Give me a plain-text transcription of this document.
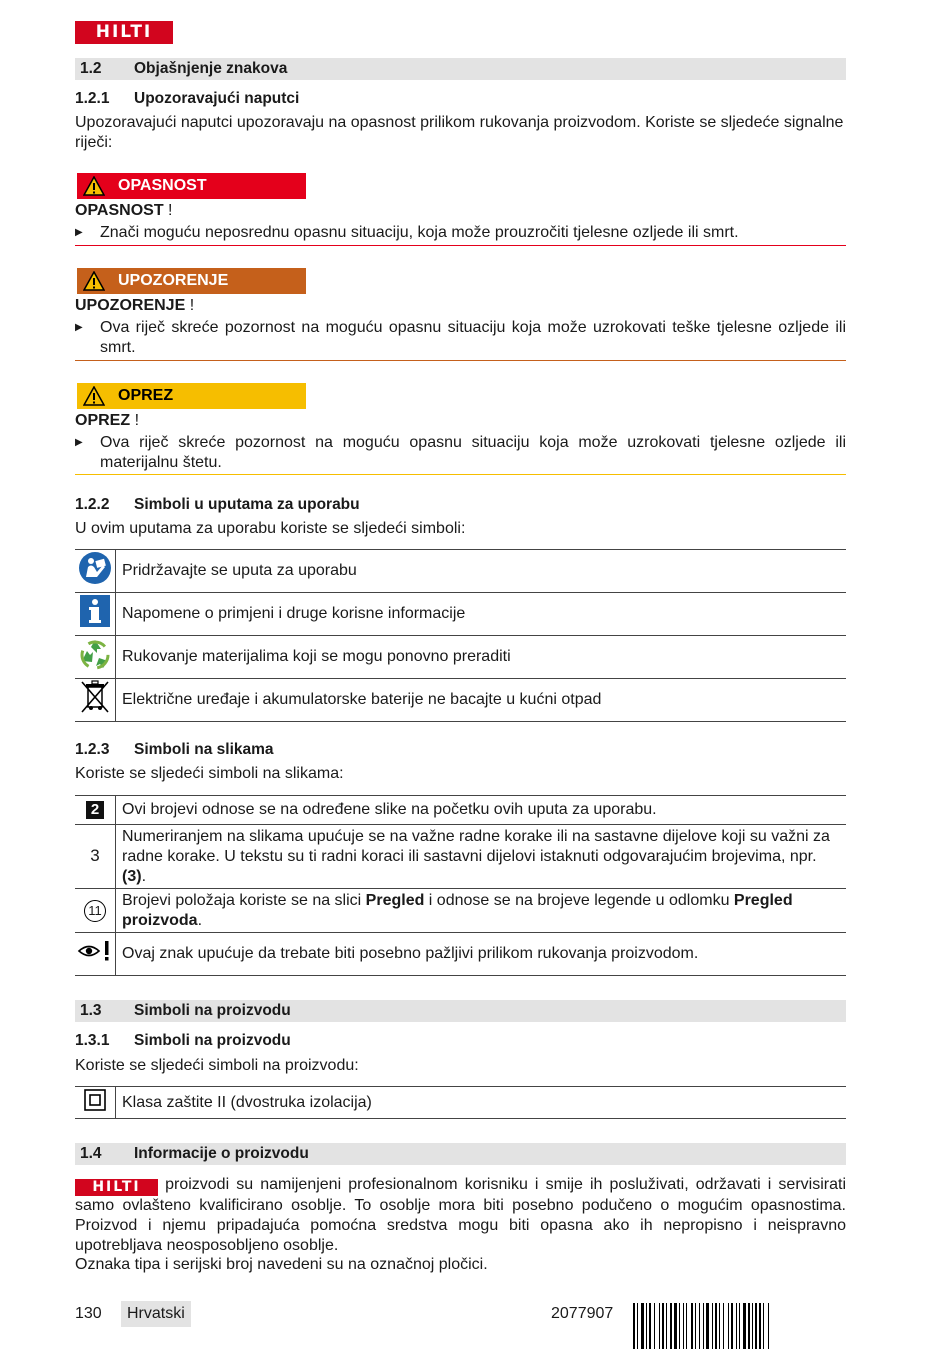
HILTI
1.2 Objašnjenje znakova
1.2.1 Upozoravajući naputci
Upozoravajući naputci upozoravaju na opasnost prilikom rukovanja proizvodom. Koriste se sljedeće signalne riječi:
OPASNOST
OPASNOST !
▶ Znači moguću neposrednu opasnu situaciju, koja može prouzročiti tjelesne ozljede ili smrt.
UPOZORENJE
UPOZORENJE !
▶ Ova riječ skreće pozornost na moguću opasnu situaciju koja može uzrokovati teške tjelesne ozljede ili smrt.
OPREZ
OPREZ !
▶ Ova riječ skreće pozornost na moguću opasnu situaciju koja može uzrokovati tjelesne ozljede ili materijalnu štetu.
1.2.2 Simboli u uputama za uporabu
U ovim uputama za uporabu koriste se sljedeći simboli:
	Pridržavajte se uputa za uporabu
	Napomene o primjeni i druge korisne informacije
	Rukovanje materijalima koji se mogu ponovno preraditi
	Električne uređaje i akumulatorske baterije ne bacajte u kućni otpad
1.2.3 Simboli na slikama
Koriste se sljedeći simboli na slikama:
2	Ovi brojevi odnose se na određene slike na početku ovih uputa za uporabu.
3	Numeriranjem na slikama upućuje se na važne radne korake ili na sastavne dijelove koji su važni za radne korake. U tekstu su ti radni koraci ili sastavni dijelovi istaknuti odgovarajućim brojevima, npr. (3).
11	Brojevi položaja koriste se na slici Pregled i odnose se na brojeve legende u odlomku Pregled proizvoda.
	Ovaj znak upućuje da trebate biti posebno pažljivi prilikom rukovanja proizvodom.
1.3 Simboli na proizvodu
1.3.1 Simboli na proizvodu
Koriste se sljedeći simboli na proizvodu:
	Klasa zaštite II (dvostruka izolacija)
1.4 Informacije o proizvodu
HILTI proizvodi su namijenjeni profesionalnom korisniku i smije ih posluživati, održavati i servisirati samo ovlašteno kvalificirano osoblje. To osoblje mora biti posebno podučeno o mogućim opasnostima. Proizvod i njemu pripadajuća pomoćna sredstva mogu biti opasna ako ih nepropisno i neispravno upotrebljava neosposobljeno osoblje.
Oznaka tipa i serijski broj navedeni su na označnoj pločici.
130	Hrvatski	2077907
